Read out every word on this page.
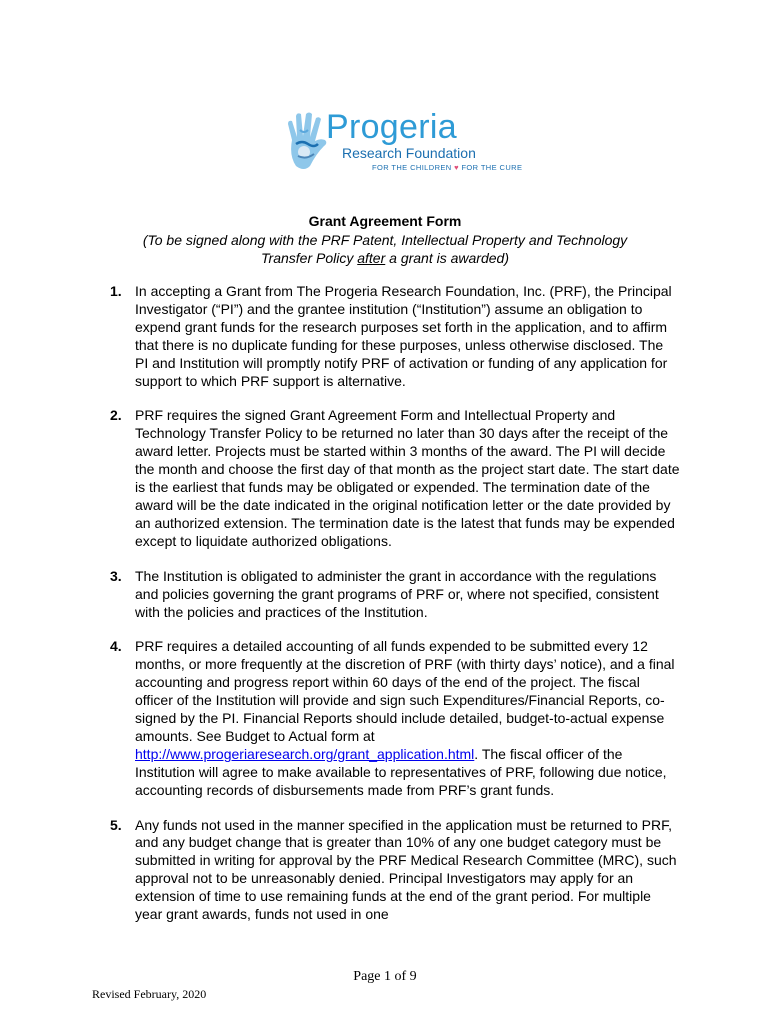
Progeria
Research Foundation
FOR THE CHILDREN ♥ FOR THE CURE
Grant Agreement Form
(To be signed along with the PRF Patent, Intellectual Property and Technology Transfer Policy after a grant is awarded)
1. In accepting a Grant from The Progeria Research Foundation, Inc. (PRF), the Principal Investigator (“PI”) and the grantee institution (“Institution”) assume an obligation to expend grant funds for the research purposes set forth in the application, and to affirm that there is no duplicate funding for these purposes, unless otherwise disclosed. The PI and Institution will promptly notify PRF of activation or funding of any application for support to which PRF support is alternative.
2. PRF requires the signed Grant Agreement Form and Intellectual Property and Technology Transfer Policy to be returned no later than 30 days after the receipt of the award letter. Projects must be started within 3 months of the award. The PI will decide the month and choose the first day of that month as the project start date. The start date is the earliest that funds may be obligated or expended. The termination date of the award will be the date indicated in the original notification letter or the date provided by an authorized extension. The termination date is the latest that funds may be expended except to liquidate authorized obligations.
3. The Institution is obligated to administer the grant in accordance with the regulations and policies governing the grant programs of PRF or, where not specified, consistent with the policies and practices of the Institution.
4. PRF requires a detailed accounting of all funds expended to be submitted every 12 months, or more frequently at the discretion of PRF (with thirty days’ notice), and a final accounting and progress report within 60 days of the end of the project. The fiscal officer of the Institution will provide and sign such Expenditures/Financial Reports, co-signed by the PI. Financial Reports should include detailed, budget-to-actual expense amounts. See Budget to Actual form at http://www.progeriaresearch.org/grant_application.html. The fiscal officer of the Institution will agree to make available to representatives of PRF, following due notice, accounting records of disbursements made from PRF’s grant funds.
5. Any funds not used in the manner specified in the application must be returned to PRF, and any budget change that is greater than 10% of any one budget category must be submitted in writing for approval by the PRF Medical Research Committee (MRC), such approval not to be unreasonably denied. Principal Investigators may apply for an extension of time to use remaining funds at the end of the grant period. For multiple year grant awards, funds not used in one
Page 1 of 9
Revised February, 2020
